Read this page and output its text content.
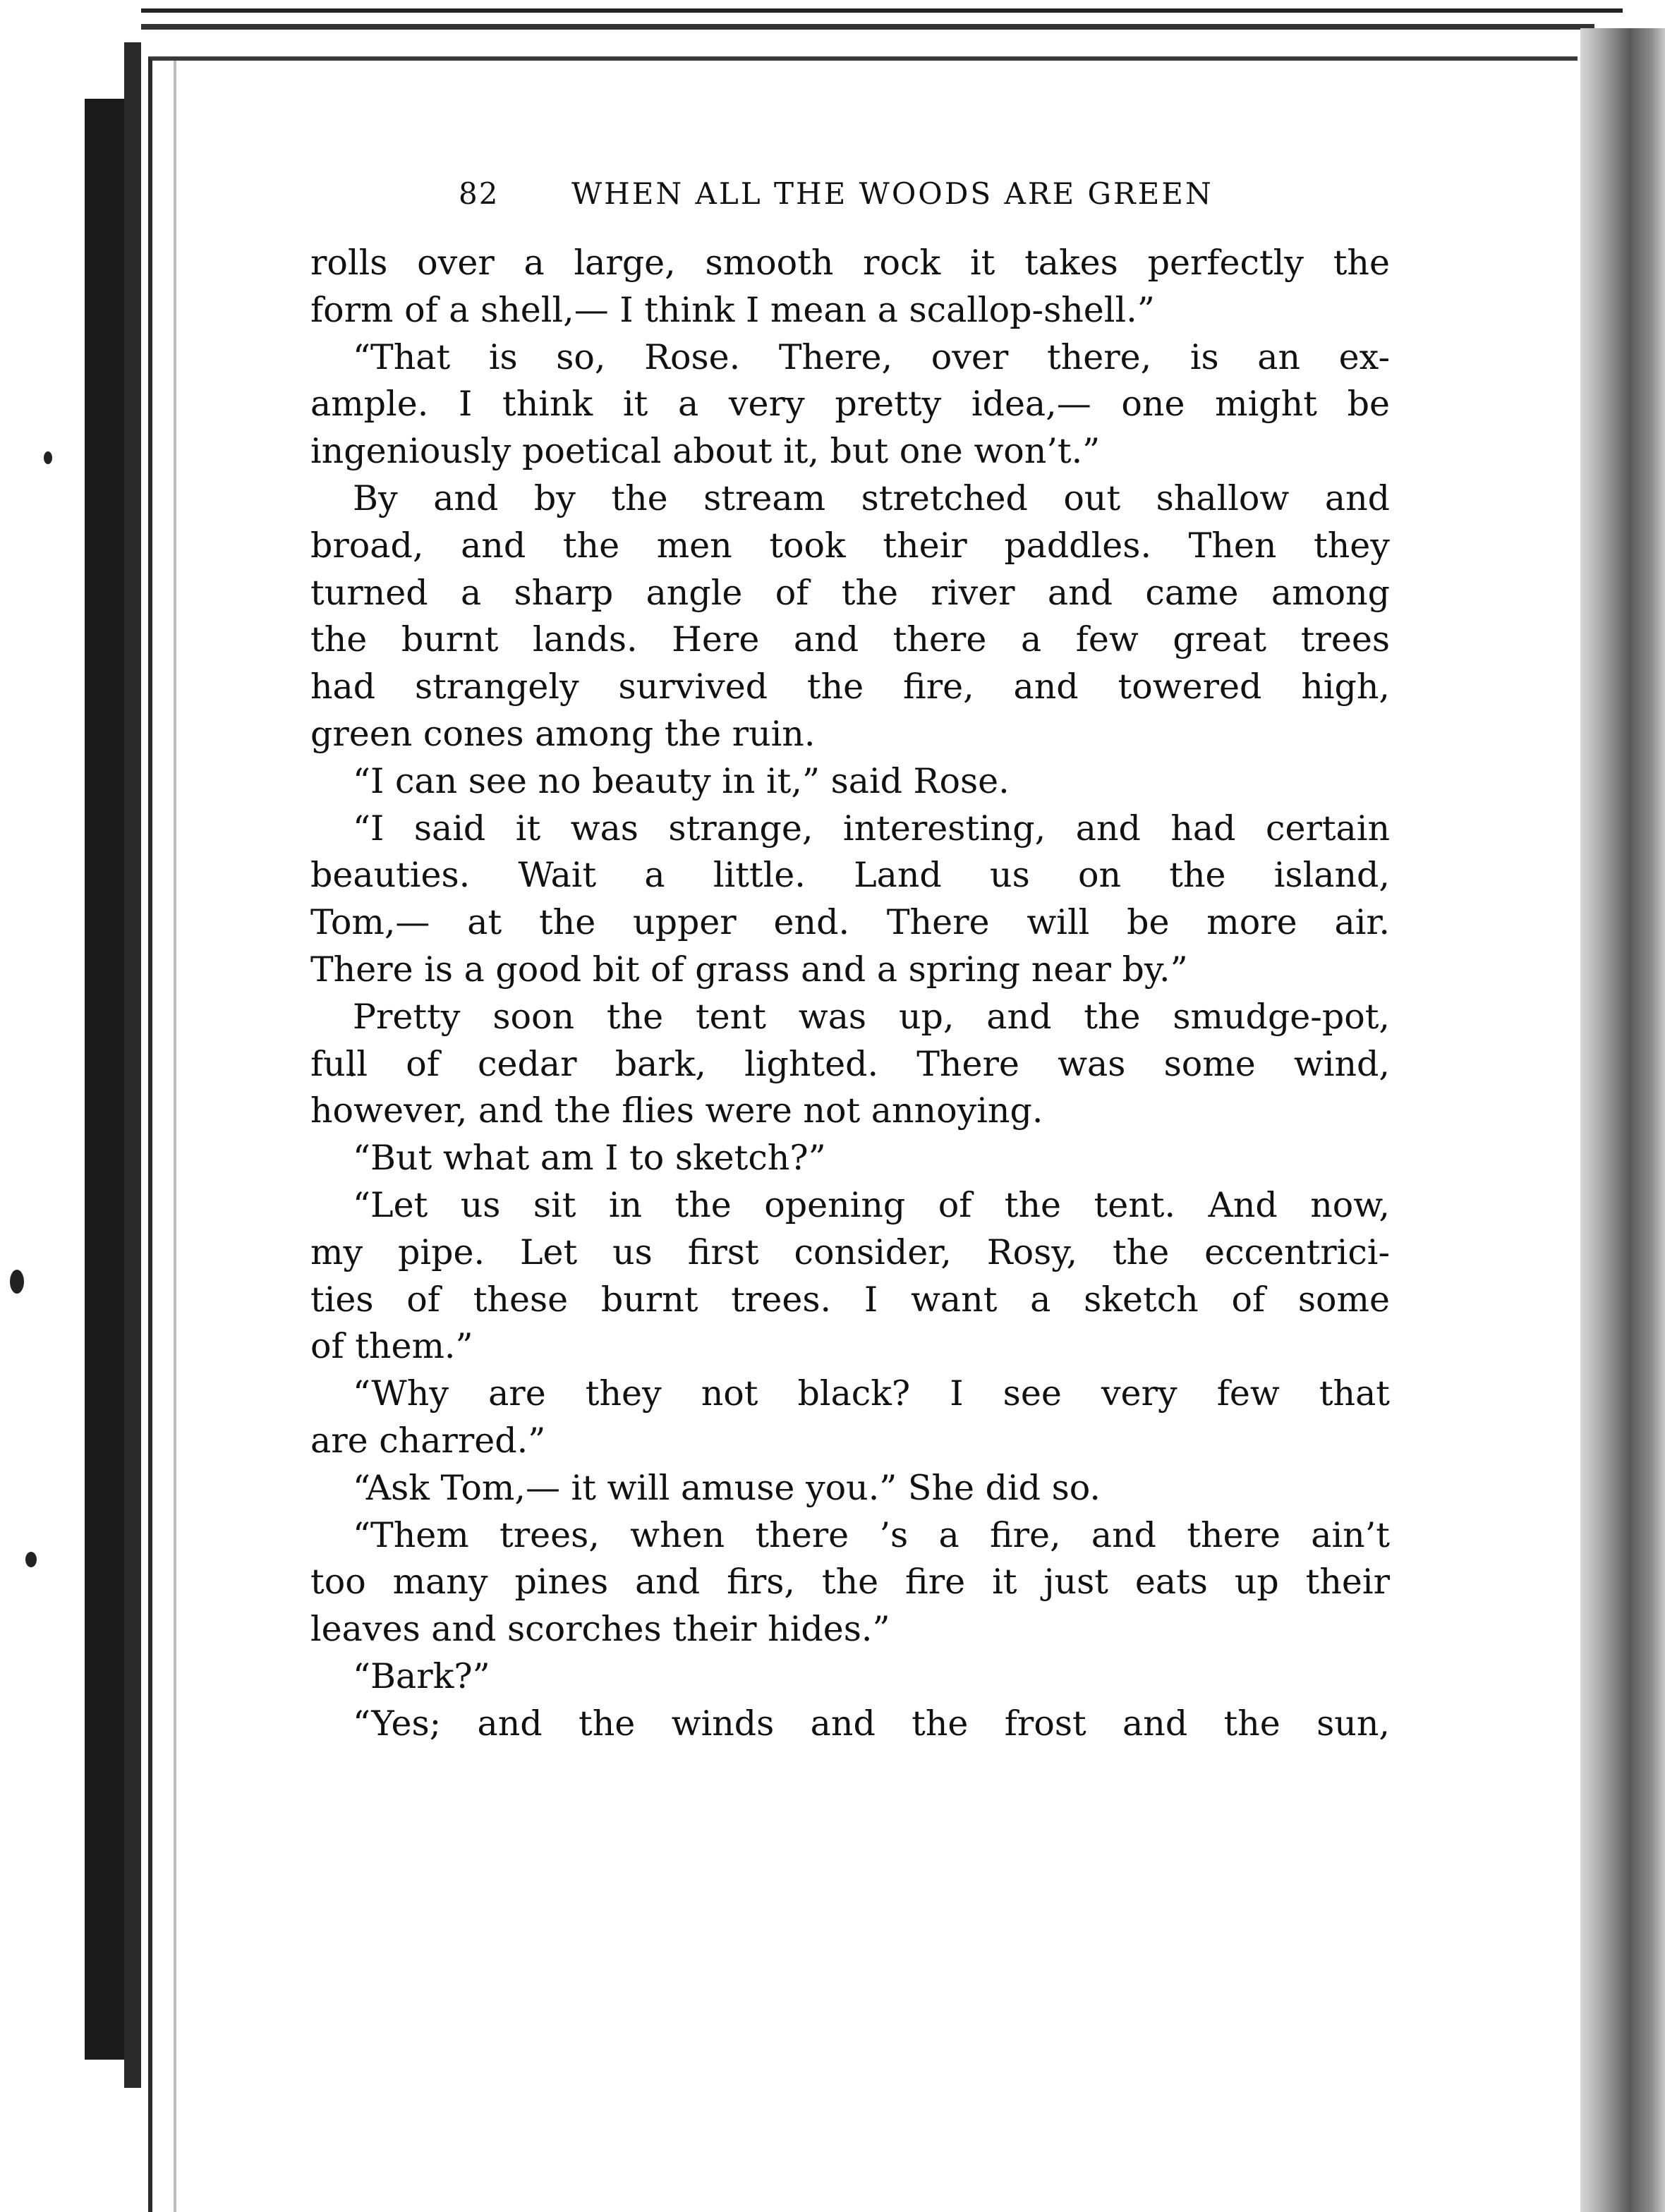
82	WHEN ALL THE WOODS ARE GREEN
rolls over a large, smooth rock it takes perfectly the
form of a shell,— I think I mean a scallop-shell.”
“That is so, Rose. There, over there, is an ex-
ample. I think it a very pretty idea,— one might be
ingeniously poetical about it, but one won’t.”
By and by the stream stretched out shallow and
broad, and the men took their paddles. Then they
turned a sharp angle of the river and came among
the burnt lands. Here and there a few great trees
had strangely survived the fire, and towered high,
green cones among the ruin.
“I can see no beauty in it,” said Rose.
“I said it was strange, interesting, and had certain
beauties. Wait a little. Land us on the island,
Tom,— at the upper end. There will be more air.
There is a good bit of grass and a spring near by.”
Pretty soon the tent was up, and the smudge-pot,
full of cedar bark, lighted. There was some wind,
however, and the flies were not annoying.
“But what am I to sketch?”
“Let us sit in the opening of the tent. And now,
my pipe. Let us first consider, Rosy, the eccentrici-
ties of these burnt trees. I want a sketch of some
of them.”
“Why are they not black? I see very few that
are charred.”
“Ask Tom,— it will amuse you.” She did so.
“Them trees, when there ’s a fire, and there ain’t
too many pines and firs, the fire it just eats up their
leaves and scorches their hides.”
“Bark?”
“Yes; and the winds and the frost and the sun,
